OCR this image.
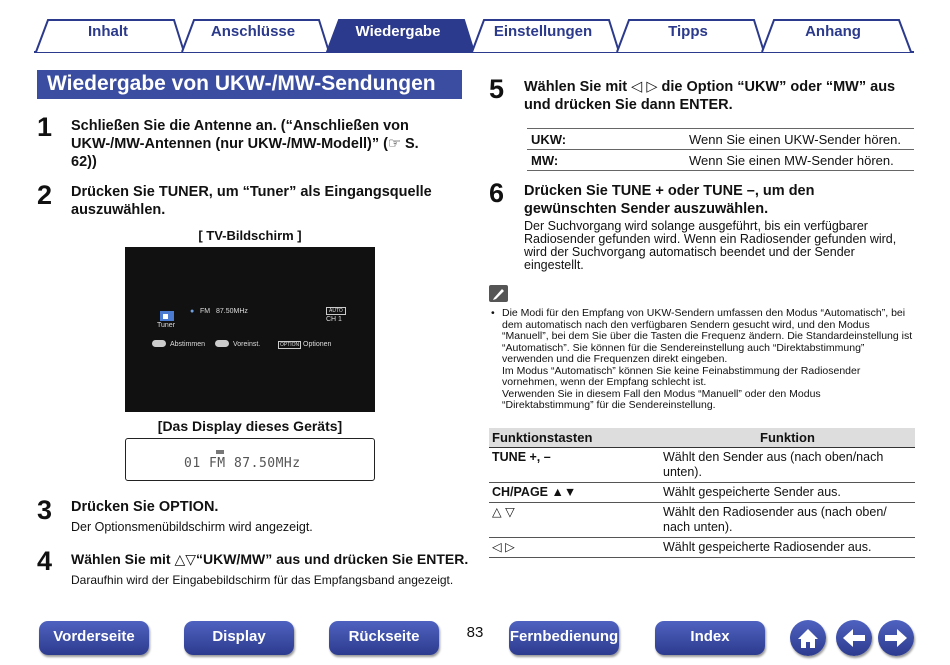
Inhalt	Anschlüsse	Wiedergabe	Einstellungen	Tipps	Anhang
Wiedergabe von UKW-/MW-Sendungen
1 Schließen Sie die Antenne an. (“Anschließen von UKW-/MW-Antennen (nur UKW-/MW-Modell)” (☞ S. 62))
2 Drücken Sie TUNER, um “Tuner” als Eingangsquelle auszuwählen.
[ TV-Bildschirm ]
Tuner
● FM 87.50MHz	AUTO
CH 1
Abstimmen	Voreinst.	OPTION Optionen
[Das Display dieses Geräts]
01 FM 87.50MHz
3 Drücken Sie OPTION.
Der Optionsmenübildschirm wird angezeigt.
4 Wählen Sie mit △▽“UKW/MW” aus und drücken Sie ENTER.
Daraufhin wird der Eingabebildschirm für das Empfangsband angezeigt.
5 Wählen Sie mit ◁ ▷ die Option “UKW” oder “MW” aus und drücken Sie dann ENTER.
UKW:	Wenn Sie einen UKW-Sender hören.
MW:	Wenn Sie einen MW-Sender hören.
6 Drücken Sie TUNE + oder TUNE –, um den gewünschten Sender auszuwählen.
Der Suchvorgang wird solange ausgeführt, bis ein verfügbarer Radiosender gefunden wird. Wenn ein Radiosender gefunden wird, wird der Suchvorgang automatisch beendet und der Sender eingestellt.
• Die Modi für den Empfang von UKW-Sendern umfassen den Modus “Automatisch”, bei dem automatisch nach den verfügbaren Sendern gesucht wird, und den Modus “Manuell”, bei dem Sie über die Tasten die Frequenz ändern. Die Standardeinstellung ist “Automatisch”. Sie können für die Sendereinstellung auch “Direktabstimmung” verwenden und die Frequenzen direkt eingeben.
Im Modus “Automatisch” können Sie keine Feinabstimmung der Radiosender vornehmen, wenn der Empfang schlecht ist.
Verwenden Sie in diesem Fall den Modus “Manuell” oder den Modus “Direktabstimmung” für die Sendereinstellung.
Funktionstasten	Funktion
TUNE +, –	Wählt den Sender aus (nach oben/nach unten).
CH/PAGE ▲▼	Wählt gespeicherte Sender aus.
△ ▽	Wählt den Radiosender aus (nach oben/ nach unten).
◁ ▷	Wählt gespeicherte Radiosender aus.
83
Vorderseite	Display	Rückseite	Fernbedienung	Index
